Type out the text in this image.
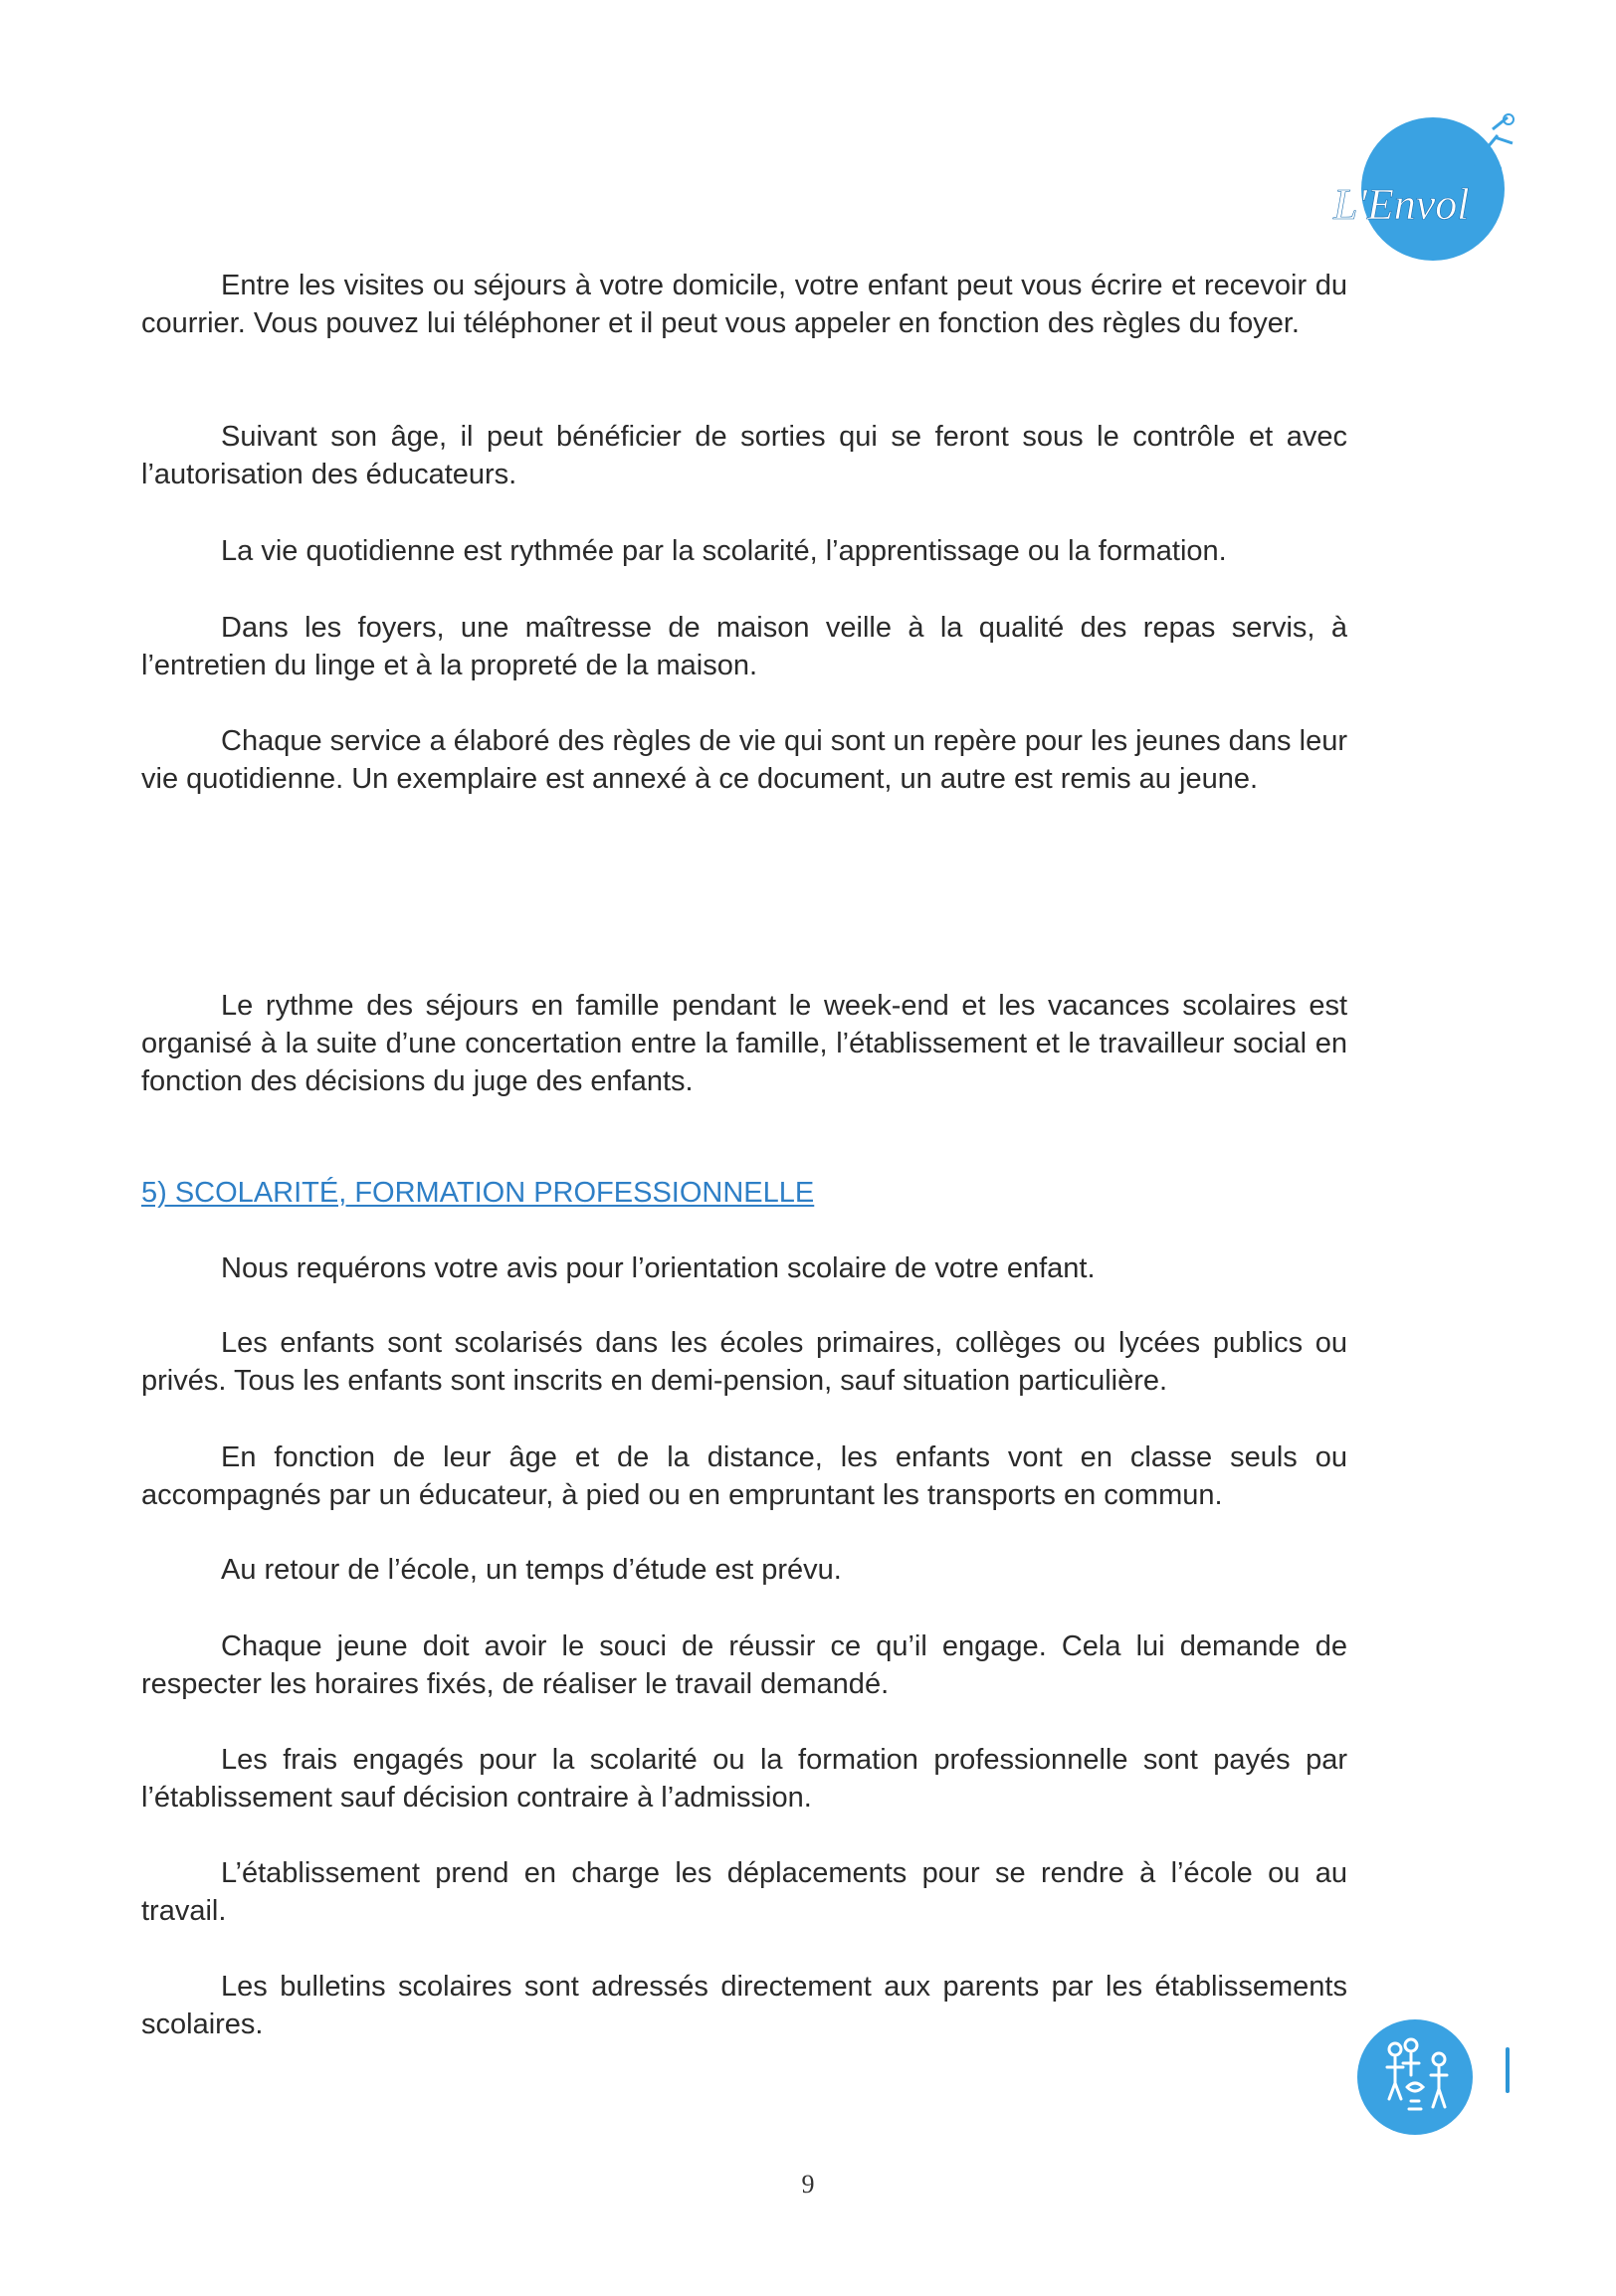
L'Envol

Entre les visites ou séjours à votre domicile, votre enfant peut vous écrire et recevoir du courrier. Vous pouvez lui téléphoner et il peut vous appeler en fonction des règles du foyer.

Suivant son âge, il peut bénéficier de sorties qui se feront sous le contrôle et avec l’autorisation des éducateurs.

La vie quotidienne est rythmée par la scolarité, l’apprentissage ou la formation.

Dans les foyers, une maîtresse de maison veille à la qualité des repas servis, à l’entretien du linge et à la propreté de la maison.

Chaque service a élaboré des règles de vie qui sont un repère pour les jeunes dans leur vie quotidienne. Un exemplaire est annexé à ce document, un autre est remis au jeune.

Le rythme des séjours en famille pendant le week-end et les vacances scolaires est organisé à la suite d’une concertation entre la famille, l’établissement et le travailleur social en fonction des décisions du juge des enfants.

5) SCOLARITÉ, FORMATION PROFESSIONNELLE

Nous requérons votre avis pour l’orientation scolaire de votre enfant.

Les enfants sont scolarisés dans les écoles primaires, collèges ou lycées publics ou privés. Tous les enfants sont inscrits en demi-pension, sauf situation particulière.

En fonction de leur âge et de la distance, les enfants vont en classe seuls ou accompagnés par un éducateur, à pied ou en empruntant les transports en commun.

Au retour de l’école, un temps d’étude est prévu.

Chaque jeune doit avoir le souci de réussir ce qu’il engage. Cela lui demande de respecter les horaires fixés, de réaliser le travail demandé.

Les frais engagés pour la scolarité ou la formation professionnelle sont payés par l’établissement sauf décision contraire à l’admission.

L’établissement prend en charge les déplacements pour se rendre à l’école ou au travail.

Les bulletins scolaires sont adressés directement aux parents par les établissements scolaires.

9
